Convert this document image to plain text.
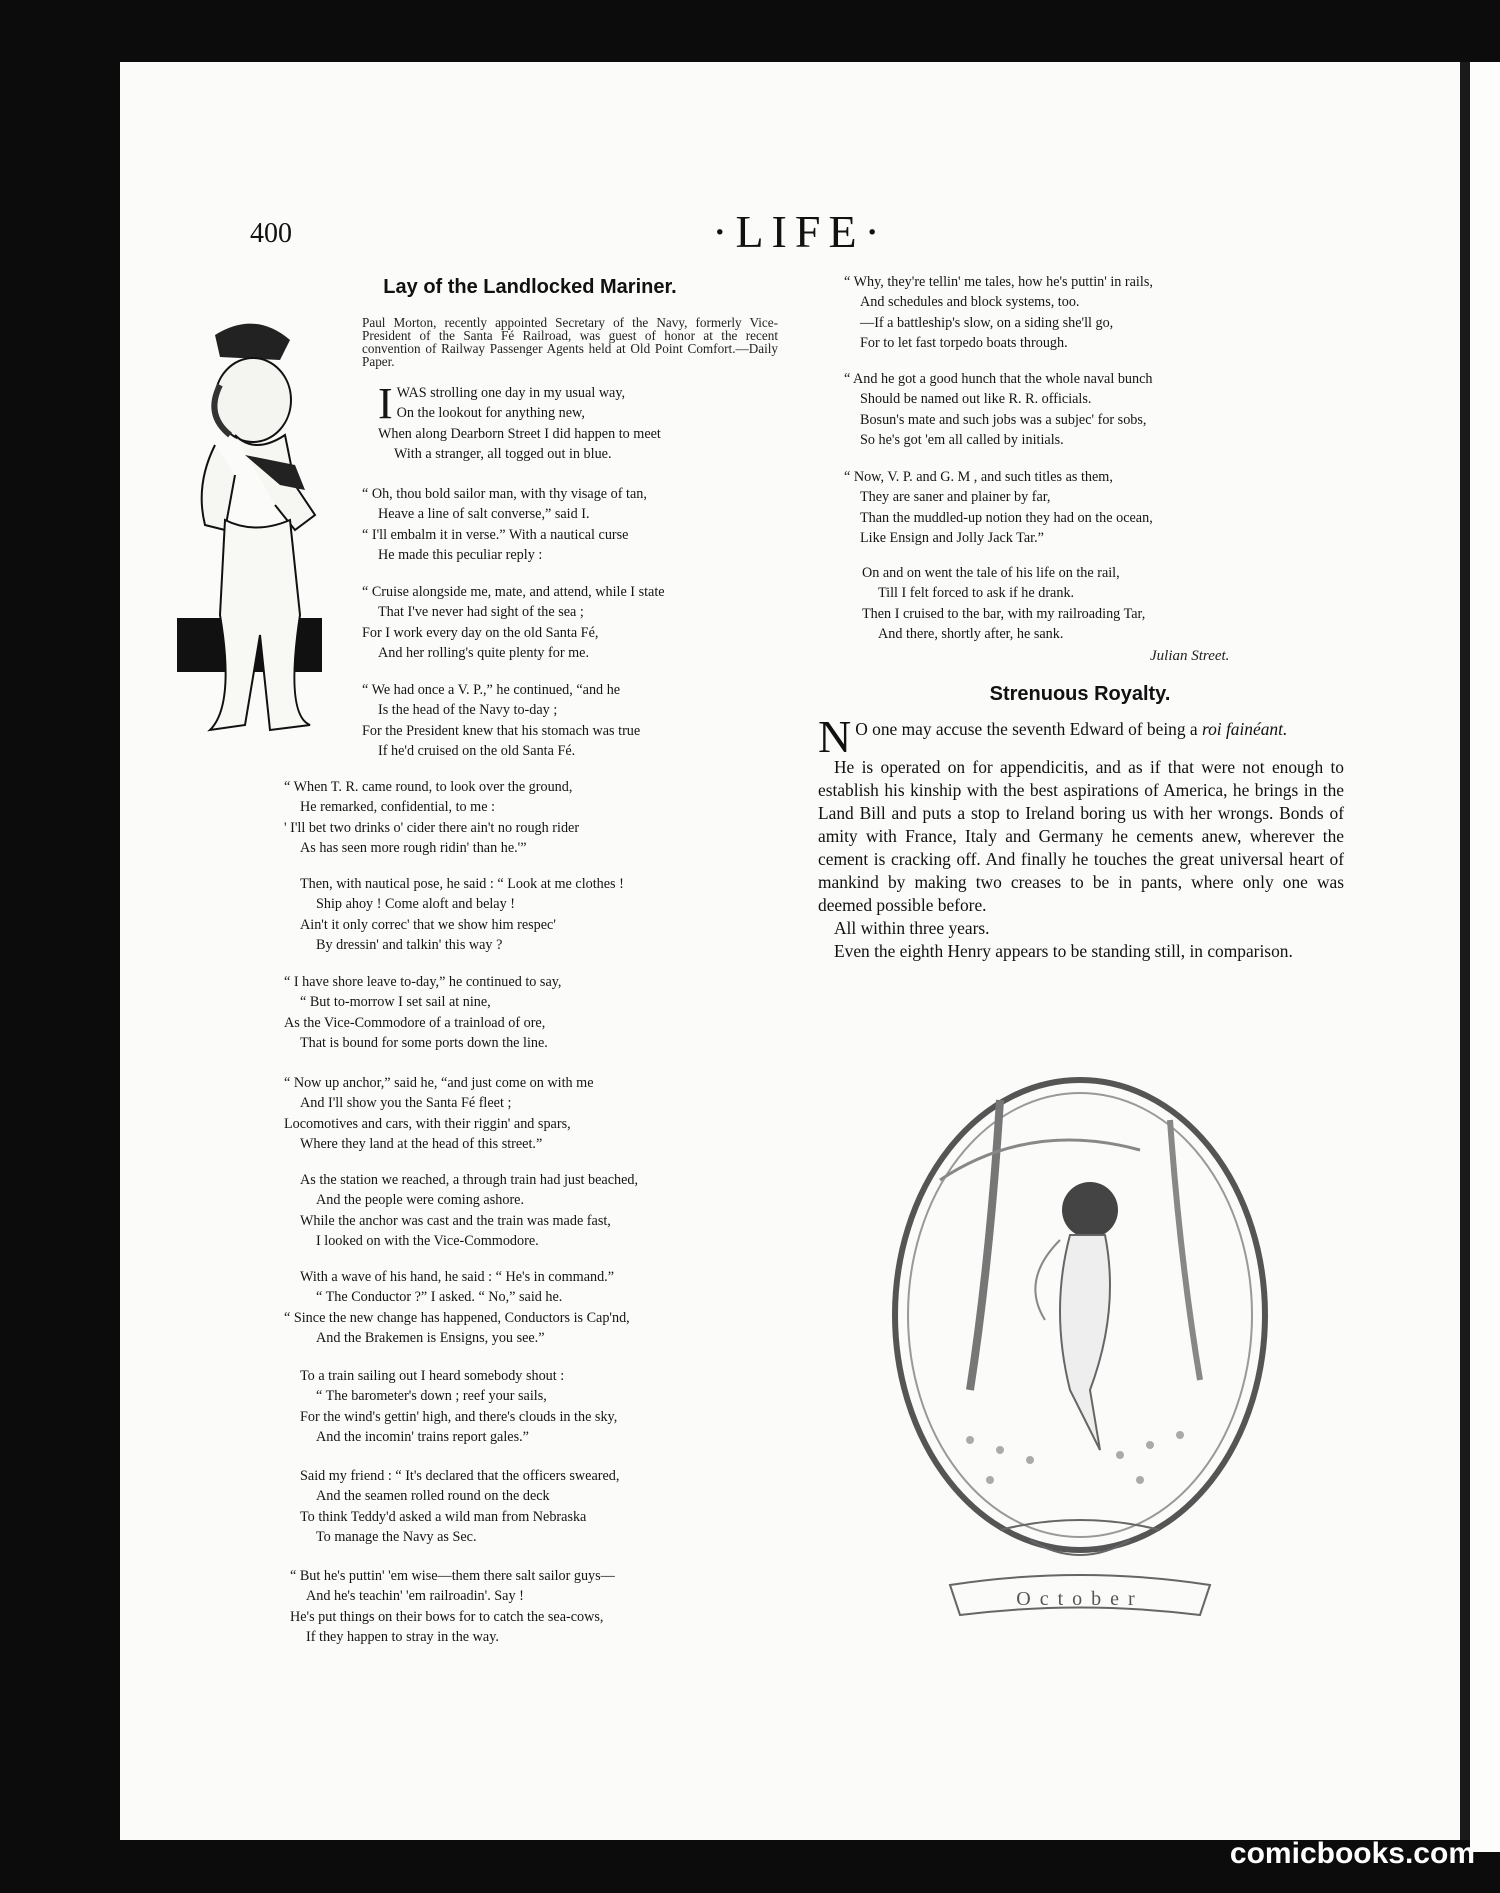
400	·LIFE·
Lay of the Landlocked Mariner.
Paul Morton, recently appointed Secretary of the Navy, formerly Vice-President of the Santa Fé Railroad, was guest of honor at the recent convention of Railway Passenger Agents held at Old Point Comfort.—Daily Paper.
I WAS strolling one day in my usual way,
On the lookout for anything new,
When along Dearborn Street I did happen to meet
With a stranger, all togged out in blue.
“ Oh, thou bold sailor man, with thy visage of tan,
Heave a line of salt converse,” said I.
“ I'll embalm it in verse.” With a nautical curse
He made this peculiar reply :
“ Cruise alongside me, mate, and attend, while I state
That I've never had sight of the sea ;
For I work every day on the old Santa Fé,
And her rolling's quite plenty for me.
“ We had once a V. P.,” he continued, “and he
Is the head of the Navy to-day ;
For the President knew that his stomach was true
If he'd cruised on the old Santa Fé.
“ When T. R. came round, to look over the ground,
He remarked, confidential, to me :
' I'll bet two drinks o' cider there ain't no rough rider
As has seen more rough ridin' than he.'”
Then, with nautical pose, he said : “ Look at me clothes !
Ship ahoy ! Come aloft and belay !
Ain't it only correc' that we show him respec'
By dressin' and talkin' this way ?
“ I have shore leave to-day,” he continued to say,
“ But to-morrow I set sail at nine,
As the Vice-Commodore of a trainload of ore,
That is bound for some ports down the line.
“ Now up anchor,” said he, “and just come on with me
And I'll show you the Santa Fé fleet ;
Locomotives and cars, with their riggin' and spars,
Where they land at the head of this street.”
As the station we reached, a through train had just beached,
And the people were coming ashore.
While the anchor was cast and the train was made fast,
I looked on with the Vice-Commodore.
With a wave of his hand, he said : “ He's in command.”
“ The Conductor ?” I asked. “ No,” said he.
“ Since the new change has happened, Conductors is Cap'nd,
And the Brakemen is Ensigns, you see.”
To a train sailing out I heard somebody shout :
“ The barometer's down ; reef your sails,
For the wind's gettin' high, and there's clouds in the sky,
And the incomin' trains report gales.”
Said my friend : “ It's declared that the officers sweared,
And the seamen rolled round on the deck
To think Teddy'd asked a wild man from Nebraska
To manage the Navy as Sec.
“ But he's puttin' 'em wise—them there salt sailor guys—
And he's teachin' 'em railroadin'. Say !
He's put things on their bows for to catch the sea-cows,
If they happen to stray in the way.
“ Why, they're tellin' me tales, how he's puttin' in rails,
And schedules and block systems, too.
—If a battleship's slow, on a siding she'll go,
For to let fast torpedo boats through.
“ And he got a good hunch that the whole naval bunch
Should be named out like R. R. officials.
Bosun's mate and such jobs was a subjec' for sobs,
So he's got 'em all called by initials.
“ Now, V. P. and G. M , and such titles as them,
They are saner and plainer by far,
Than the muddled-up notion they had on the ocean,
Like Ensign and Jolly Jack Tar.”
On and on went the tale of his life on the rail,
Till I felt forced to ask if he drank.
Then I cruised to the bar, with my railroading Tar,
And there, shortly after, he sank.
Julian Street.
Strenuous Royalty.

N O one may accuse the seventh Edward of being a roi fainéant.

He is operated on for appendicitis, and as if that were not enough to establish his kinship with the best aspirations of America, he brings in the Land Bill and puts a stop to Ireland boring us with her wrongs. Bonds of amity with France, Italy and Germany he cements anew, wherever the cement is cracking off. And finally he touches the great universal heart of mankind by making two creases to be in pants, where only one was deemed possible before.

All within three years.

Even the eighth Henry appears to be standing still, in comparison.

October
comicbooks.com
